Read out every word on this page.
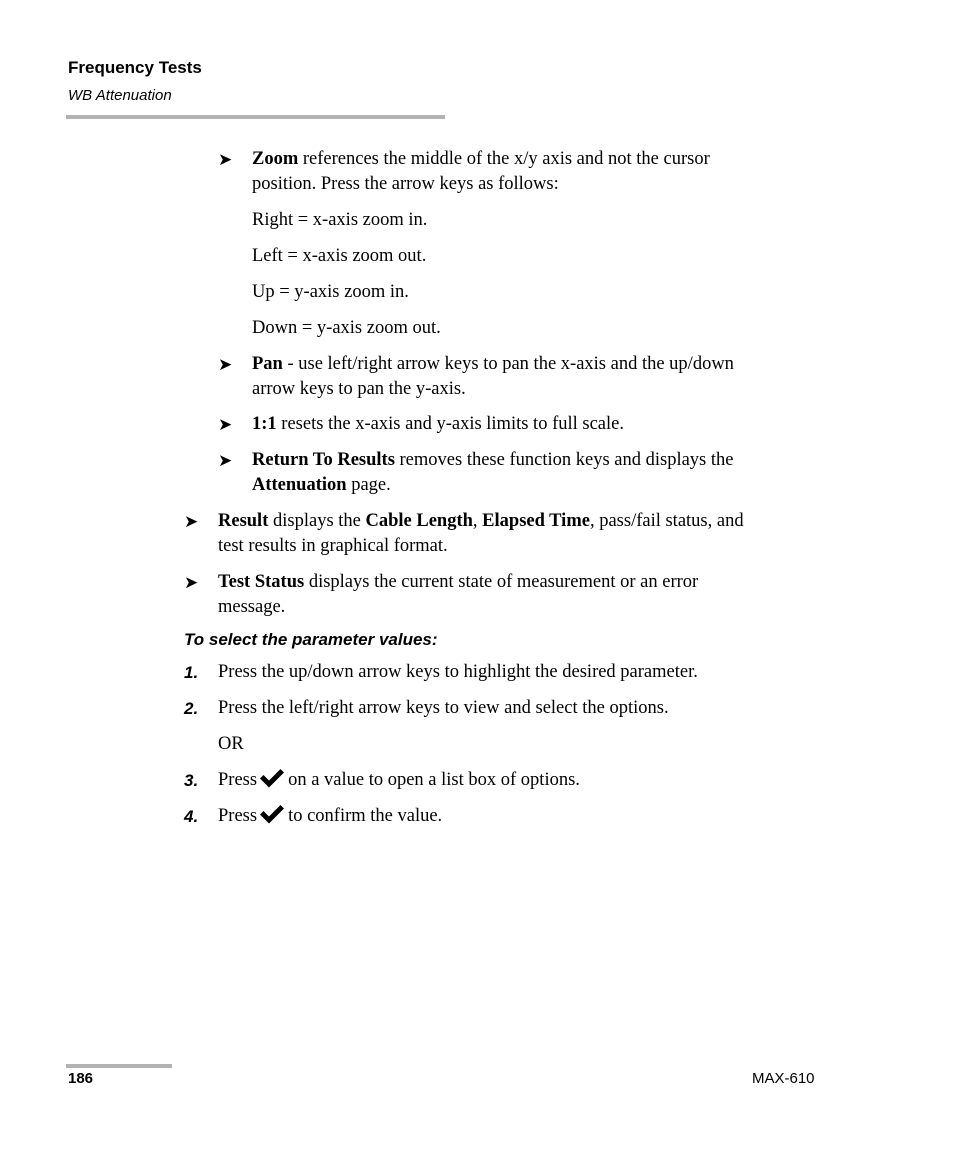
Frequency Tests
WB Attenuation
➤ Zoom references the middle of the x/y axis and not the cursor
position. Press the arrow keys as follows:
Right = x-axis zoom in.
Left = x-axis zoom out.
Up = y-axis zoom in.
Down = y-axis zoom out.
➤ Pan - use left/right arrow keys to pan the x-axis and the up/down
arrow keys to pan the y-axis.
➤ 1:1 resets the x-axis and y-axis limits to full scale.
➤ Return To Results removes these function keys and displays the
Attenuation page.
➤ Result displays the Cable Length, Elapsed Time, pass/fail status, and
test results in graphical format.
➤ Test Status displays the current state of measurement or an error
message.
To select the parameter values:
1. Press the up/down arrow keys to highlight the desired parameter.
2. Press the left/right arrow keys to view and select the options.
OR
3. Press on a value to open a list box of options.
4. Press to confirm the value.
186	MAX-610
